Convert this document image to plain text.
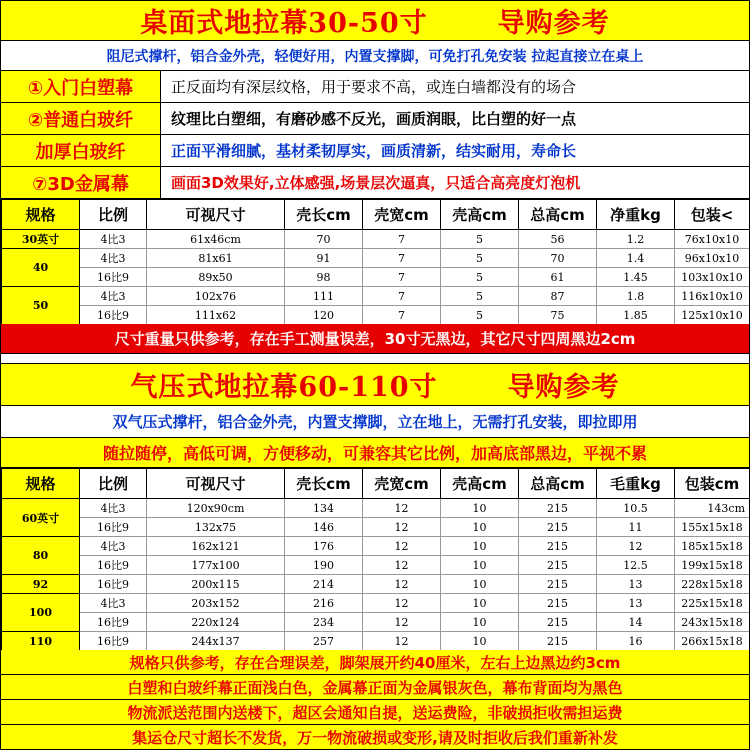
桌面式地拉幕30-50寸	导购参考
阻尼式撑杆，铝合金外壳，轻便好用，内置支撑脚，可免打孔免安装 拉起直接立在桌上
①入门白塑幕	正反面均有深层纹格，用于要求不高，或连白墙都没有的场合
②普通白玻纤	纹理比白塑细，有磨砂感不反光，画质润眼，比白塑的好一点
加厚白玻纤	正面平滑细腻，基材柔韧厚实，画质清新，结实耐用，寿命长
⑦3D金属幕	画面3D效果好,立体感强,场景层次逼真，只适合高亮度灯泡机
规格	比例	可视尺寸	壳长cm	壳宽cm	壳高cm	总高cm	净重kg	包装<
30英寸	4比3	61x46cm	70	7	5	56	1.2	76x10x10
40	4比3	81x61	91	7	5	70	1.4	96x10x10
	16比9	89x50	98	7	5	61	1.45	103x10x10
50	4比3	102x76	111	7	5	87	1.8	116x10x10
	16比9	111x62	120	7	5	75	1.85	125x10x10
尺寸重量只供参考，存在手工测量误差，30寸无黑边，其它尺寸四周黑边2cm
气压式地拉幕60-110寸	导购参考
双气压式撑杆，铝合金外壳，内置支撑脚，立在地上，无需打孔安装，即拉即用
随拉随停，高低可调，方便移动，可兼容其它比例，加高底部黑边，平视不累
规格	比例	可视尺寸	壳长cm	壳宽cm	壳高cm	总高cm	毛重kg	包装cm
60英寸	4比3	120x90cm	134	12	10	215	10.5	143cm
	16比9	132x75	146	12	10	215	11	155x15x18
80	4比3	162x121	176	12	10	215	12	185x15x18
	16比9	177x100	190	12	10	215	12.5	199x15x18
92	16比9	200x115	214	12	10	215	13	228x15x18
100	4比3	203x152	216	12	10	215	13	225x15x18
	16比9	220x124	234	12	10	215	14	243x15x18
110	16比9	244x137	257	12	10	215	16	266x15x18
规格只供参考，存在合理误差，脚架展开约40厘米，左右上边黑边约3cm
白塑和白玻纤幕正面浅白色，金属幕正面为金属银灰色，幕布背面均为黑色
物流派送范围内送楼下，超区会通知自提，送运费险，非破损拒收需担运费
集运仓尺寸超长不发货，万一物流破损或变形,请及时拒收后我们重新补发
